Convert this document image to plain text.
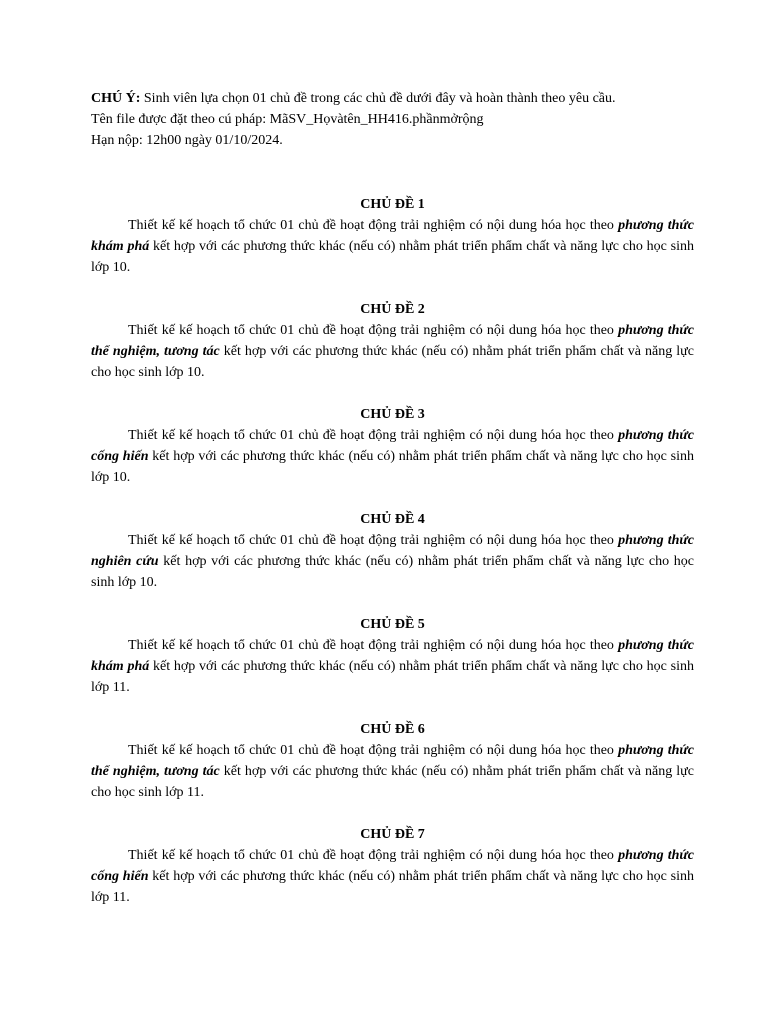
CHÚ Ý: Sinh viên lựa chọn 01 chủ đề trong các chủ đề dưới đây và hoàn thành theo yêu cầu.
Tên file được đặt theo cú pháp: MãSV_Họvàtên_HH416.phầnmởrộng
Hạn nộp: 12h00 ngày 01/10/2024.
CHỦ ĐỀ 1
Thiết kế kế hoạch tổ chức 01 chủ đề hoạt động trải nghiệm có nội dung hóa học theo phương thức khám phá kết hợp với các phương thức khác (nếu có) nhằm phát triển phẩm chất và năng lực cho học sinh lớp 10.
CHỦ ĐỀ 2
Thiết kế kế hoạch tổ chức 01 chủ đề hoạt động trải nghiệm có nội dung hóa học theo phương thức thể nghiệm, tương tác kết hợp với các phương thức khác (nếu có) nhằm phát triển phẩm chất và năng lực cho học sinh lớp 10.
CHỦ ĐỀ 3
Thiết kế kế hoạch tổ chức 01 chủ đề hoạt động trải nghiệm có nội dung hóa học theo phương thức cống hiến kết hợp với các phương thức khác (nếu có) nhằm phát triển phẩm chất và năng lực cho học sinh lớp 10.
CHỦ ĐỀ 4
Thiết kế kế hoạch tổ chức 01 chủ đề hoạt động trải nghiệm có nội dung hóa học theo phương thức nghiên cứu kết hợp với các phương thức khác (nếu có) nhằm phát triển phẩm chất và năng lực cho học sinh lớp 10.
CHỦ ĐỀ 5
Thiết kế kế hoạch tổ chức 01 chủ đề hoạt động trải nghiệm có nội dung hóa học theo phương thức khám phá kết hợp với các phương thức khác (nếu có) nhằm phát triển phẩm chất và năng lực cho học sinh lớp 11.
CHỦ ĐỀ 6
Thiết kế kế hoạch tổ chức 01 chủ đề hoạt động trải nghiệm có nội dung hóa học theo phương thức thể nghiệm, tương tác kết hợp với các phương thức khác (nếu có) nhằm phát triển phẩm chất và năng lực cho học sinh lớp 11.
CHỦ ĐỀ 7
Thiết kế kế hoạch tổ chức 01 chủ đề hoạt động trải nghiệm có nội dung hóa học theo phương thức cống hiến kết hợp với các phương thức khác (nếu có) nhằm phát triển phẩm chất và năng lực cho học sinh lớp 11.
